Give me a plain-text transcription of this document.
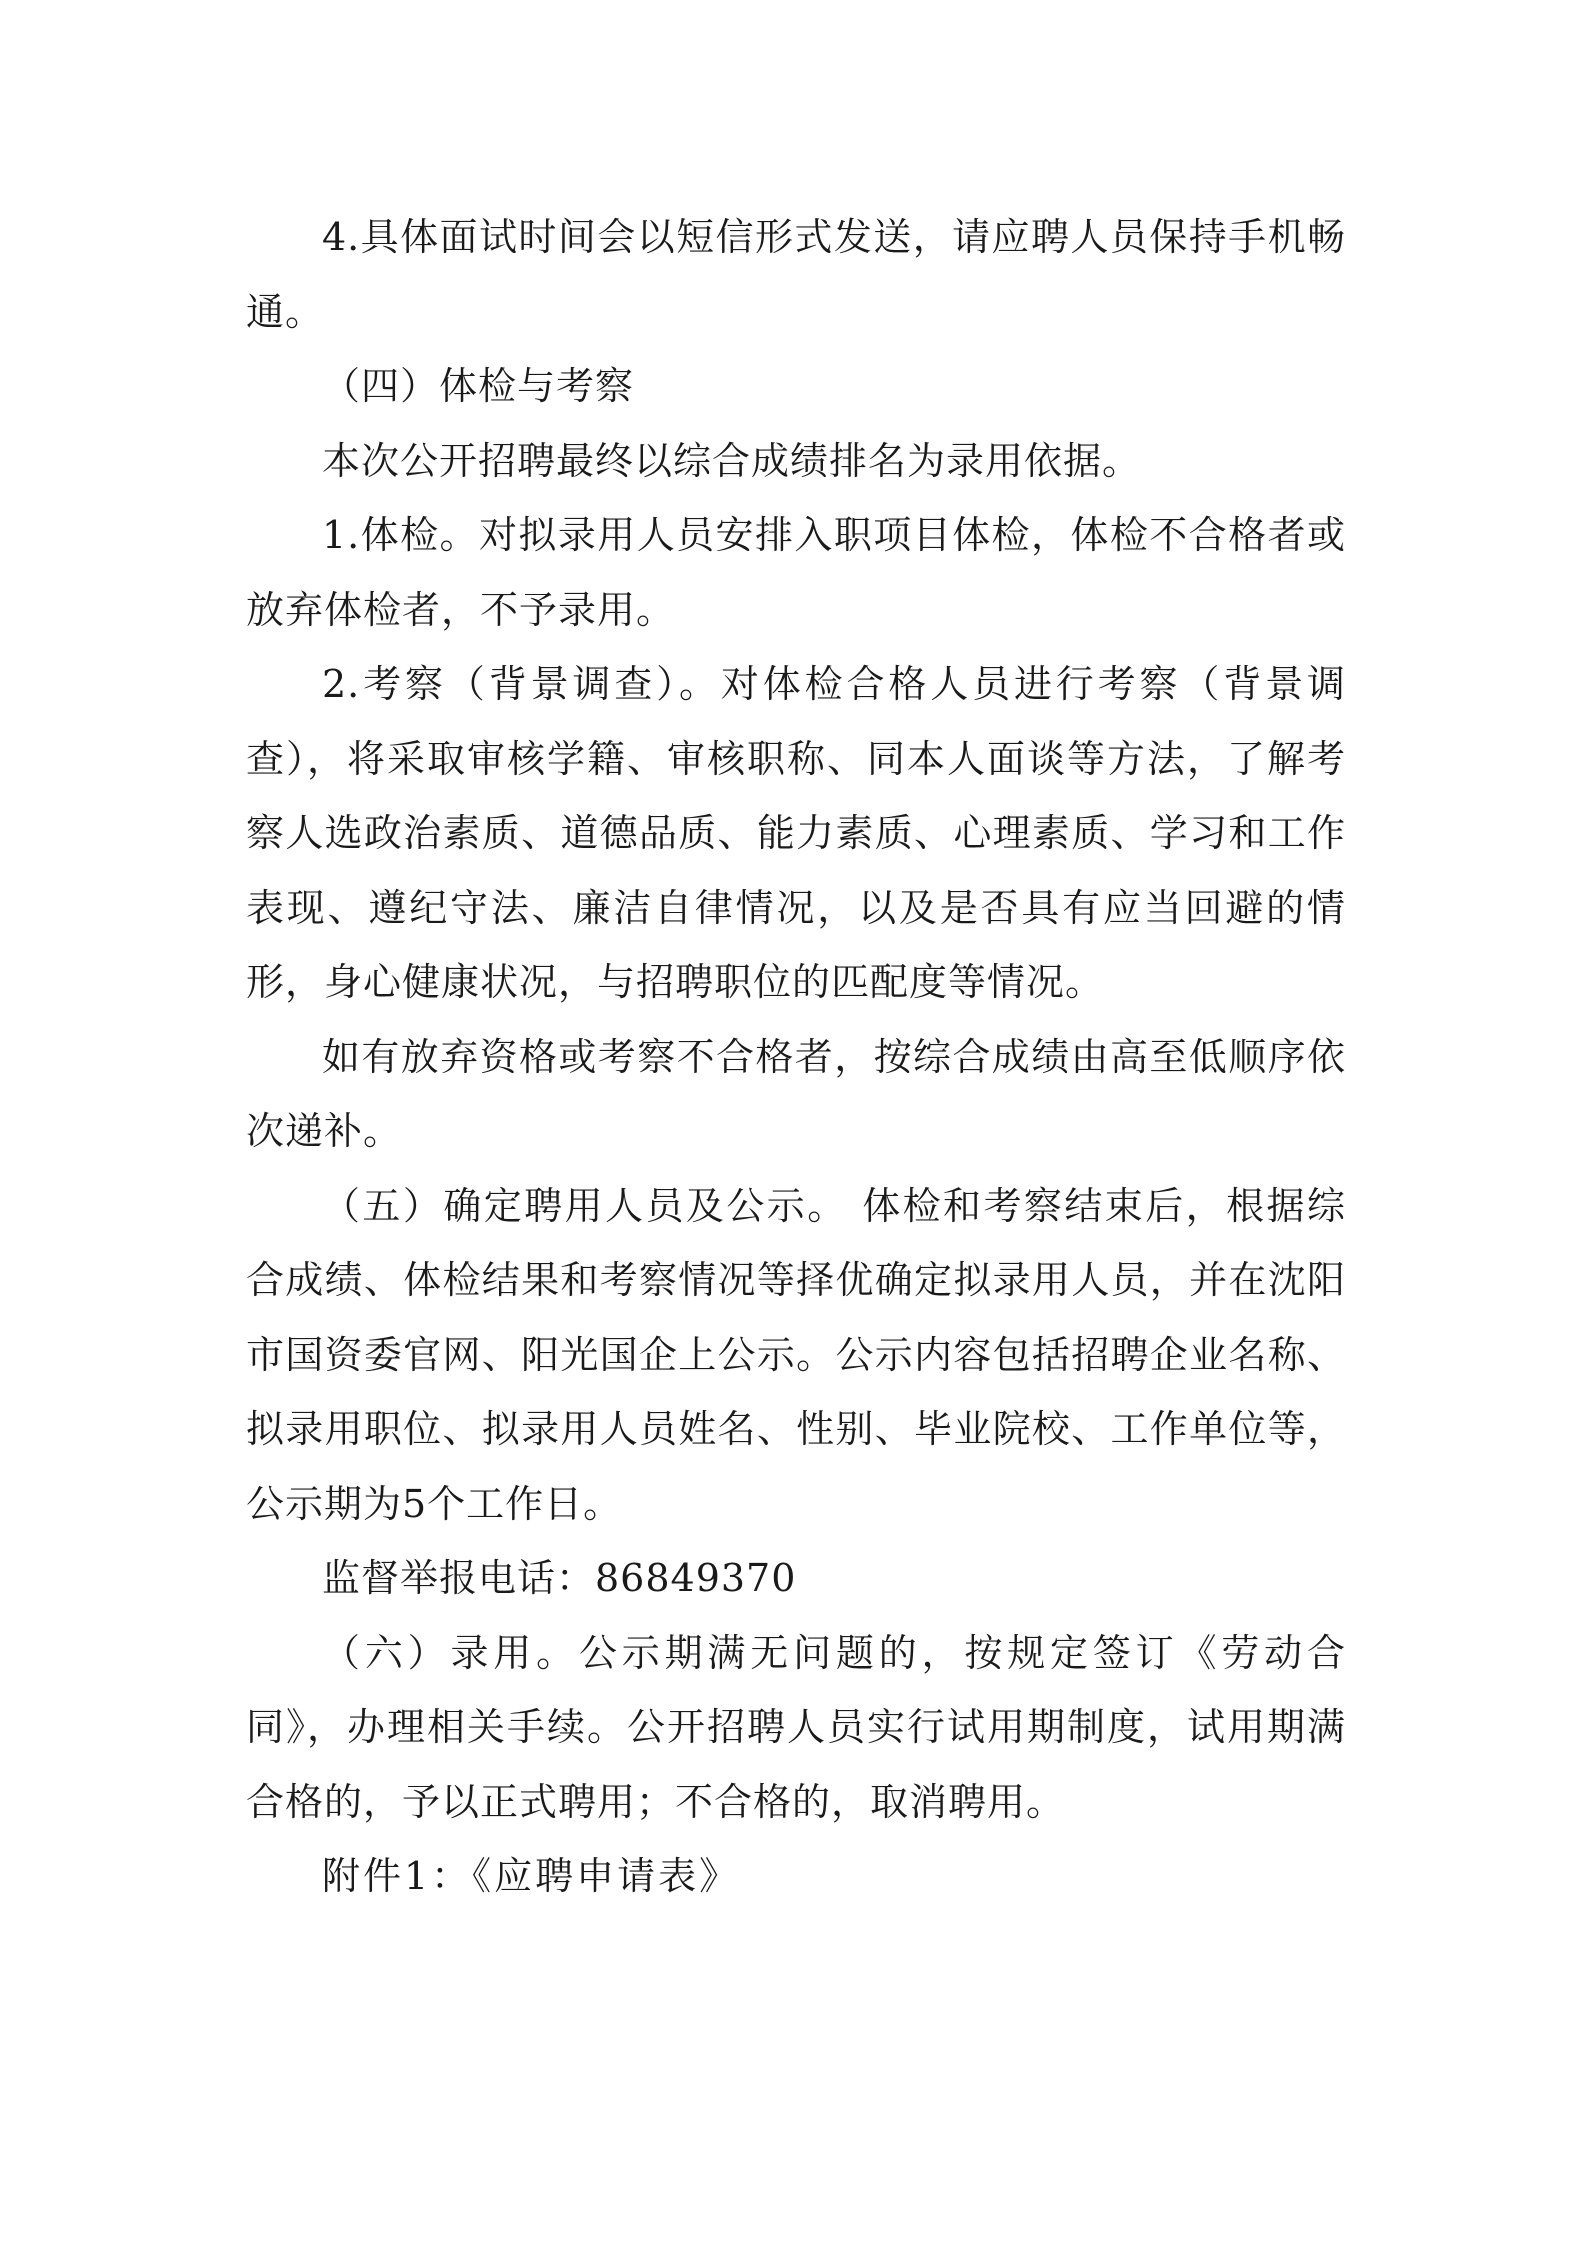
4.具体面试时间会以短信形式发送，请应聘人员保持手机畅通。

（四）体检与考察

本次公开招聘最终以综合成绩排名为录用依据。

1.体检。对拟录用人员安排入职项目体检，体检不合格者或放弃体检者，不予录用。

2.考察（背景调查）。对体检合格人员进行考察（背景调查），将采取审核学籍、审核职称、同本人面谈等方法，了解考察人选政治素质、道德品质、能力素质、心理素质、学习和工作表现、遵纪守法、廉洁自律情况，以及是否具有应当回避的情形，身心健康状况，与招聘职位的匹配度等情况。

如有放弃资格或考察不合格者，按综合成绩由高至低顺序依次递补。

（五）确定聘用人员及公示。 体检和考察结束后，根据综合成绩、体检结果和考察情况等择优确定拟录用人员，并在沈阳市国资委官网、阳光国企上公示。公示内容包括招聘企业名称、拟录用职位、拟录用人员姓名、性别、毕业院校、工作单位等，公示期为5个工作日。

监督举报电话：86849370

（六）录用。公示期满无问题的，按规定签订《劳动合同》，办理相关手续。公开招聘人员实行试用期制度，试用期满合格的，予以正式聘用；不合格的，取消聘用。

附件1：《应聘申请表》
